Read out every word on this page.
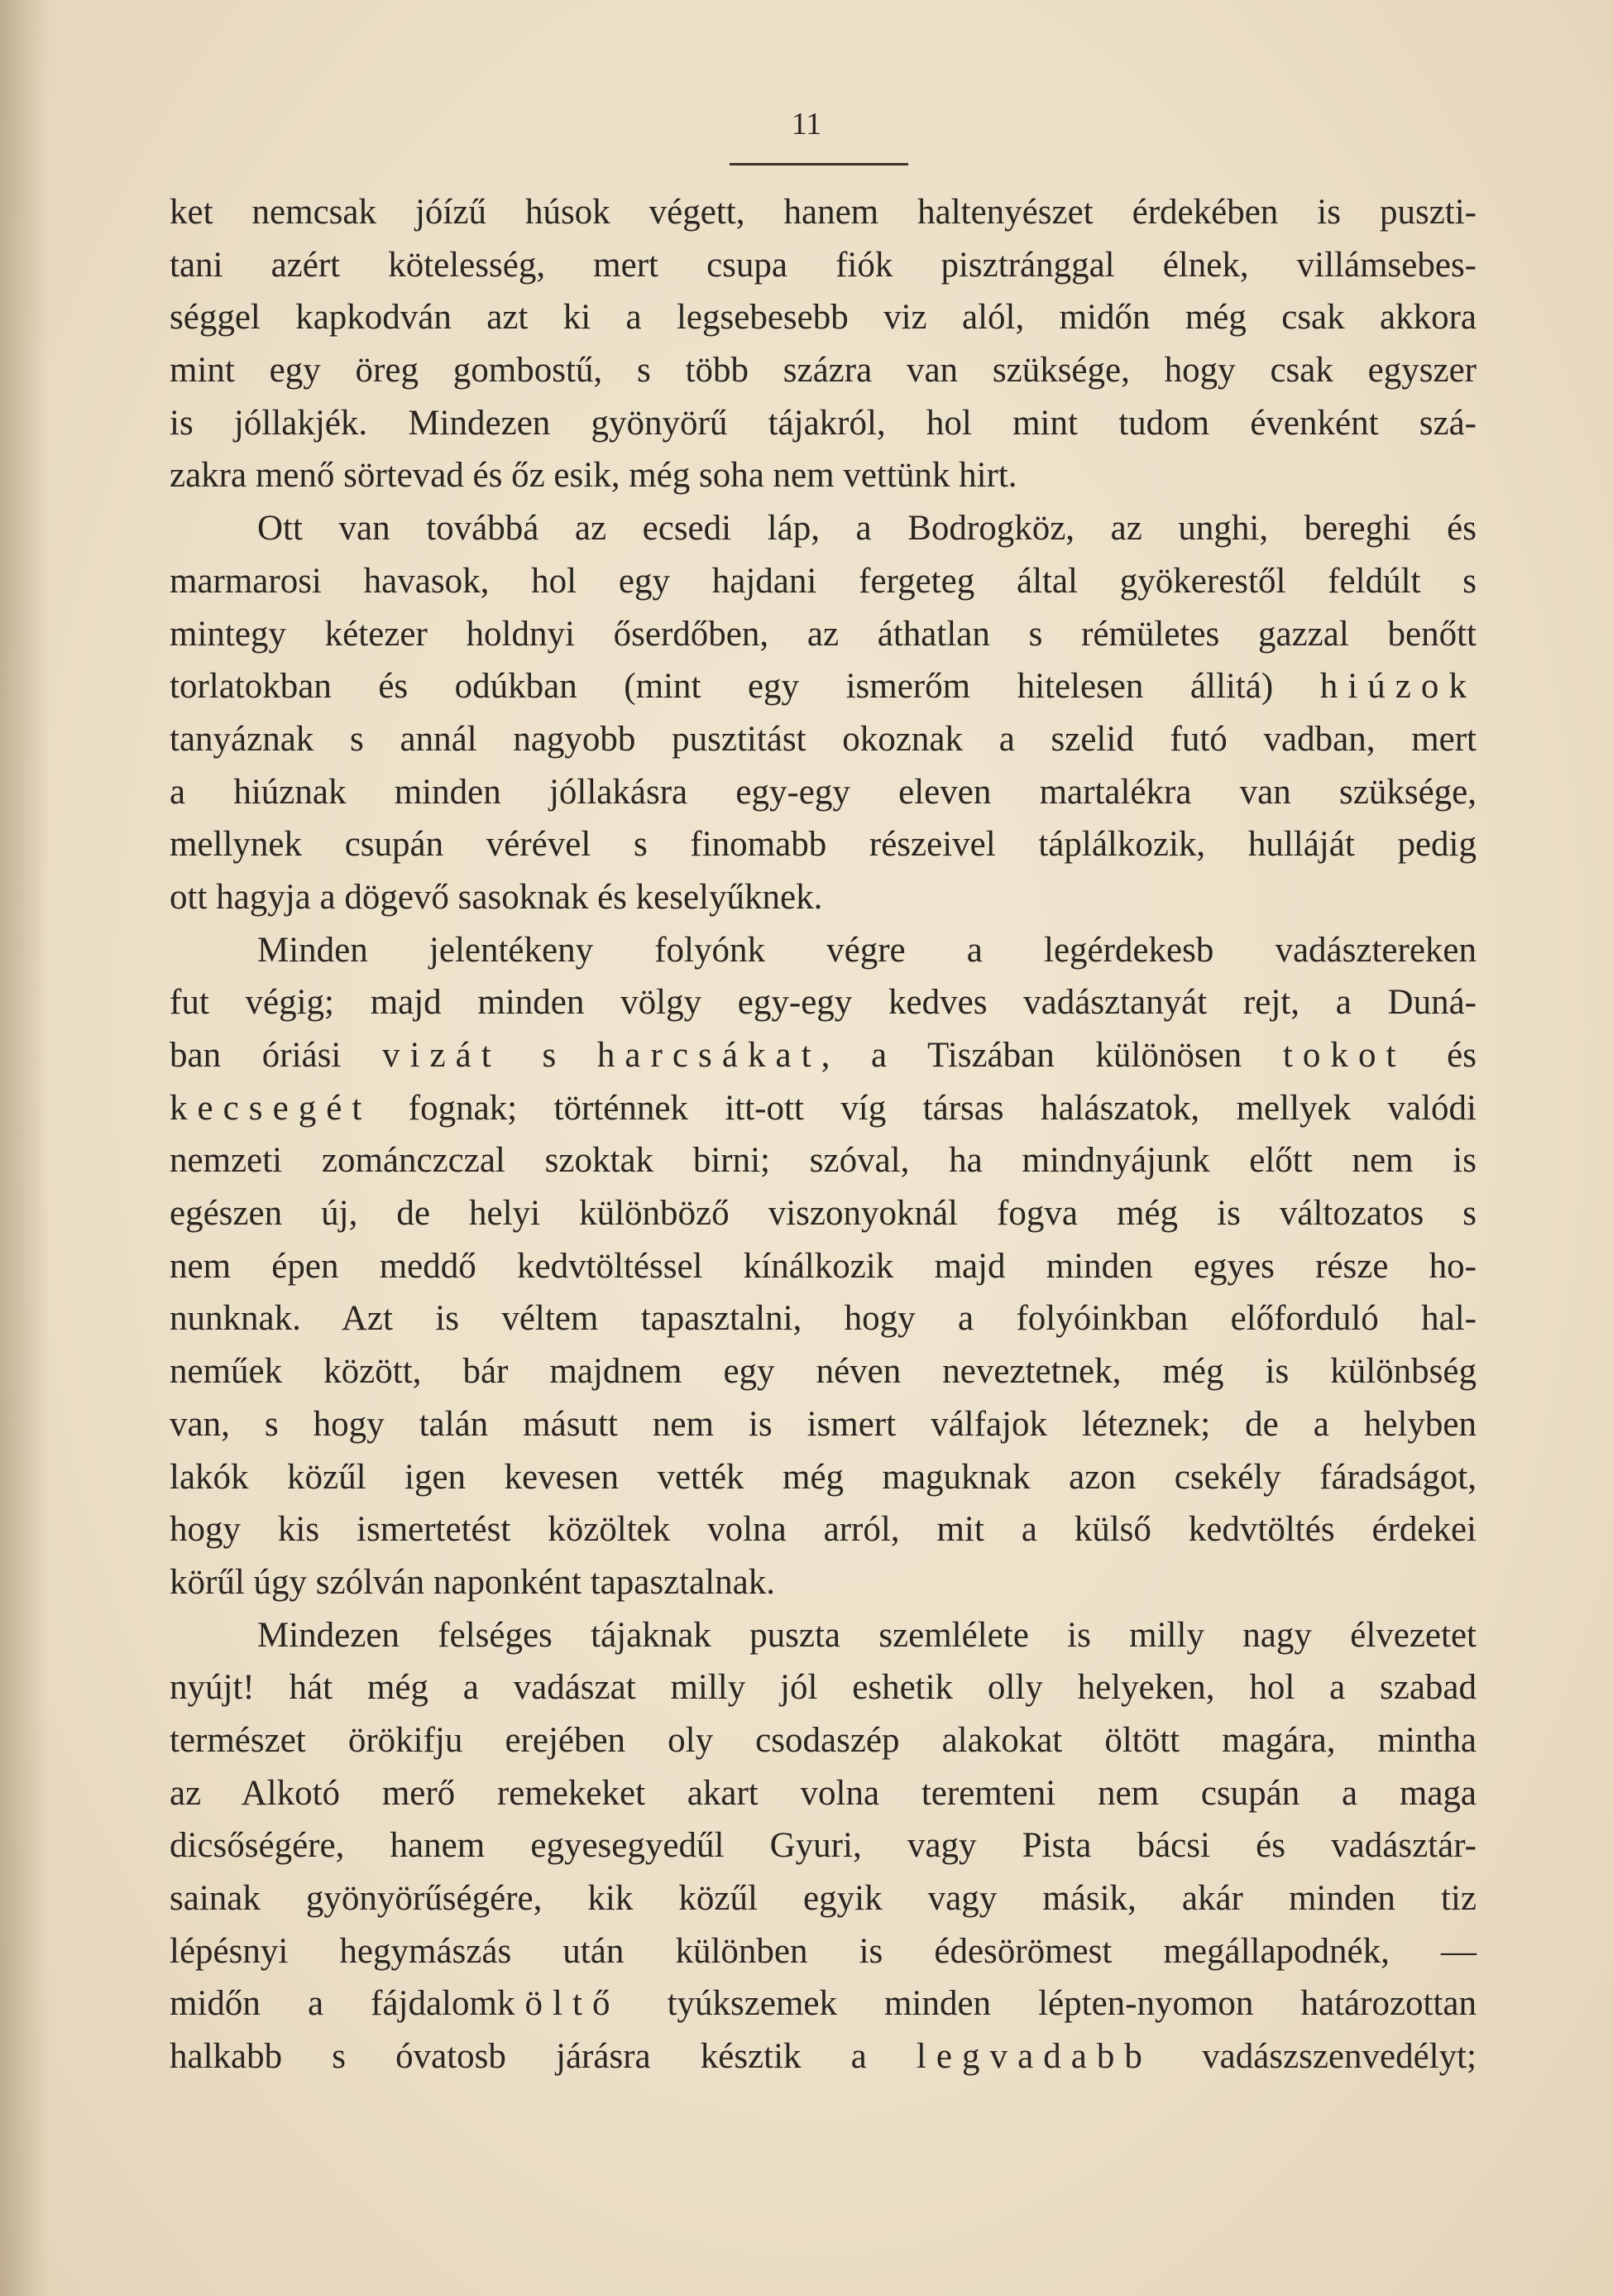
11
ket nemcsak jóízű húsok végett, hanem haltenyészet érdekében is puszti-
tani azért kötelesség, mert csupa fiók pisztránggal élnek, villámsebes-
séggel kapkodván azt ki a legsebesebb viz alól, midőn még csak akkora
mint egy öreg gombostű, s több százra van szüksége, hogy csak egyszer
is jóllakjék. Mindezen gyönyörű tájakról, hol mint tudom évenként szá-
zakra menő sörtevad és őz esik, még soha nem vettünk hirt.
Ott van továbbá az ecsedi láp, a Bodrogköz, az unghi, bereghi és
marmarosi havasok, hol egy hajdani fergeteg által gyökerestől feldúlt s
mintegy kétezer holdnyi őserdőben, az áthatlan s rémületes gazzal benőtt
torlatokban és odúkban (mint egy ismerőm hitelesen állitá) hiúzok
tanyáznak s annál nagyobb pusztitást okoznak a szelid futó vadban, mert
a hiúznak minden jóllakásra egy-egy eleven martalékra van szüksége,
mellynek csupán vérével s finomabb részeivel táplálkozik, hulláját pedig
ott hagyja a dögevő sasoknak és keselyűknek.
Minden jelentékeny folyónk végre a legérdekesb vadásztereken
fut végig; majd minden völgy egy-egy kedves vadásztanyát rejt, a Duná-
ban óriási vizát s harcsákat, a Tiszában különösen tokot és
kecsegét fognak; történnek itt-ott víg társas halászatok, mellyek valódi
nemzeti zománczczal szoktak birni; szóval, ha mindnyájunk előtt nem is
egészen új, de helyi különböző viszonyoknál fogva még is változatos s
nem épen meddő kedvtöltéssel kínálkozik majd minden egyes része ho-
nunknak. Azt is véltem tapasztalni, hogy a folyóinkban előforduló hal-
neműek között, bár majdnem egy néven neveztetnek, még is különbség
van, s hogy talán másutt nem is ismert válfajok léteznek; de a helyben
lakók közűl igen kevesen vették még maguknak azon csekély fáradságot,
hogy kis ismertetést közöltek volna arról, mit a külső kedvtöltés érdekei
körűl úgy szólván naponként tapasztalnak.
Mindezen felséges tájaknak puszta szemlélete is milly nagy élvezetet
nyújt! hát még a vadászat milly jól eshetik olly helyeken, hol a szabad
természet örökifju erejében oly csodaszép alakokat öltött magára, mintha
az Alkotó merő remekeket akart volna teremteni nem csupán a maga
dicsőségére, hanem egyesegyedűl Gyuri, vagy Pista bácsi és vadásztár-
sainak gyönyörűségére, kik közűl egyik vagy másik, akár minden tiz
lépésnyi hegymászás után különben is édesörömest megállapodnék, —
midőn a fájdalomköltő tyúkszemek minden lépten-nyomon határozottan
halkabb s óvatosb járásra késztik a legvadabb vadászszenvedélyt;
